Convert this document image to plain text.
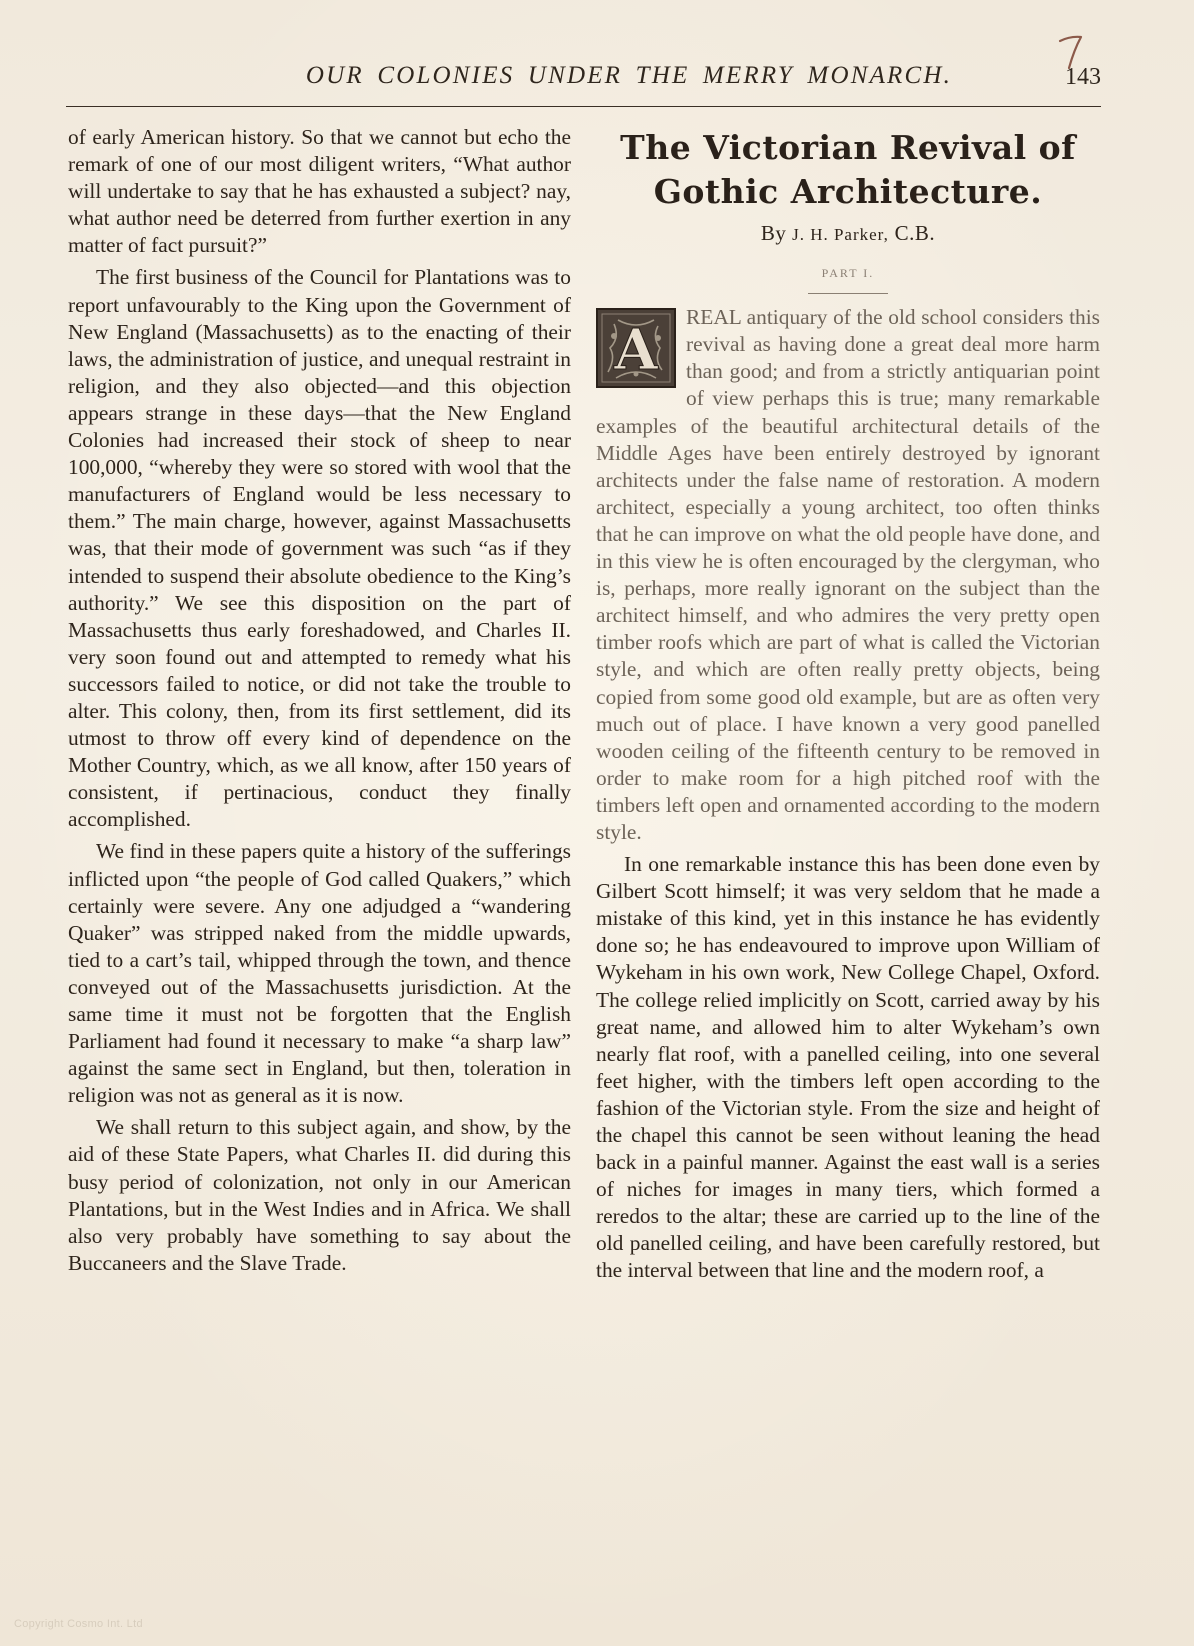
OUR COLONIES UNDER THE MERRY MONARCH.	143

of early American history. So that we cannot but echo the remark of one of our most diligent writers, “What author will undertake to say that he has exhausted a subject? nay, what author need be deterred from further exertion in any matter of fact pursuit?”

The first business of the Council for Plantations was to report unfavourably to the King upon the Government of New England (Massachusetts) as to the enacting of their laws, the administration of justice, and unequal restraint in religion, and they also objected—and this objection appears strange in these days—that the New England Colonies had increased their stock of sheep to near 100,000, “whereby they were so stored with wool that the manufacturers of England would be less necessary to them.” The main charge, however, against Massachusetts was, that their mode of government was such “as if they intended to suspend their absolute obedience to the King’s authority.” We see this disposition on the part of Massachusetts thus early foreshadowed, and Charles II. very soon found out and attempted to remedy what his successors failed to notice, or did not take the trouble to alter. This colony, then, from its first settlement, did its utmost to throw off every kind of dependence on the Mother Country, which, as we all know, after 150 years of consistent, if pertinacious, conduct they finally accomplished.

We find in these papers quite a history of the sufferings inflicted upon “the people of God called Quakers,” which certainly were severe. Any one adjudged a “wandering Quaker” was stripped naked from the middle upwards, tied to a cart’s tail, whipped through the town, and thence conveyed out of the Massachusetts jurisdiction. At the same time it must not be forgotten that the English Parliament had found it necessary to make “a sharp law” against the same sect in England, but then, toleration in religion was not as general as it is now.

We shall return to this subject again, and show, by the aid of these State Papers, what Charles II. did during this busy period of colonization, not only in our American Plantations, but in the West Indies and in Africa. We shall also very probably have something to say about the Buccaneers and the Slave Trade.

The Victorian Revival of
Gothic Architecture.
By J. H. Parker, C.B.
PART I.
A	REAL antiquary of the old school considers this revival as having done a great deal more harm than good; and from a strictly antiquarian point of view perhaps this is true; many remarkable examples of the beautiful architectural details of the Middle Ages have been entirely destroyed by ignorant architects under the false name of restoration. A modern architect, especially a young architect, too often thinks that he can improve on what the old people have done, and in this view he is often encouraged by the clergyman, who is, perhaps, more really ignorant on the subject than the architect himself, and who admires the very pretty open timber roofs which are part of what is called the Victorian style, and which are often really pretty objects, being copied from some good old example, but are as often very much out of place. I have known a very good panelled wooden ceiling of the fifteenth century to be removed in order to make room for a high pitched roof with the timbers left open and ornamented according to the modern style.

In one remarkable instance this has been done even by Gilbert Scott himself; it was very seldom that he made a mistake of this kind, yet in this instance he has evidently done so; he has endeavoured to improve upon William of Wykeham in his own work, New College Chapel, Oxford. The college relied implicitly on Scott, carried away by his great name, and allowed him to alter Wykeham’s own nearly flat roof, with a panelled ceiling, into one several feet higher, with the timbers left open according to the fashion of the Victorian style. From the size and height of the chapel this cannot be seen without leaning the head back in a painful manner. Against the east wall is a series of niches for images in many tiers, which formed a reredos to the altar; these are carried up to the line of the old panelled ceiling, and have been carefully restored, but the interval between that line and the modern roof, a

Copyright Cosmo Int. Ltd
